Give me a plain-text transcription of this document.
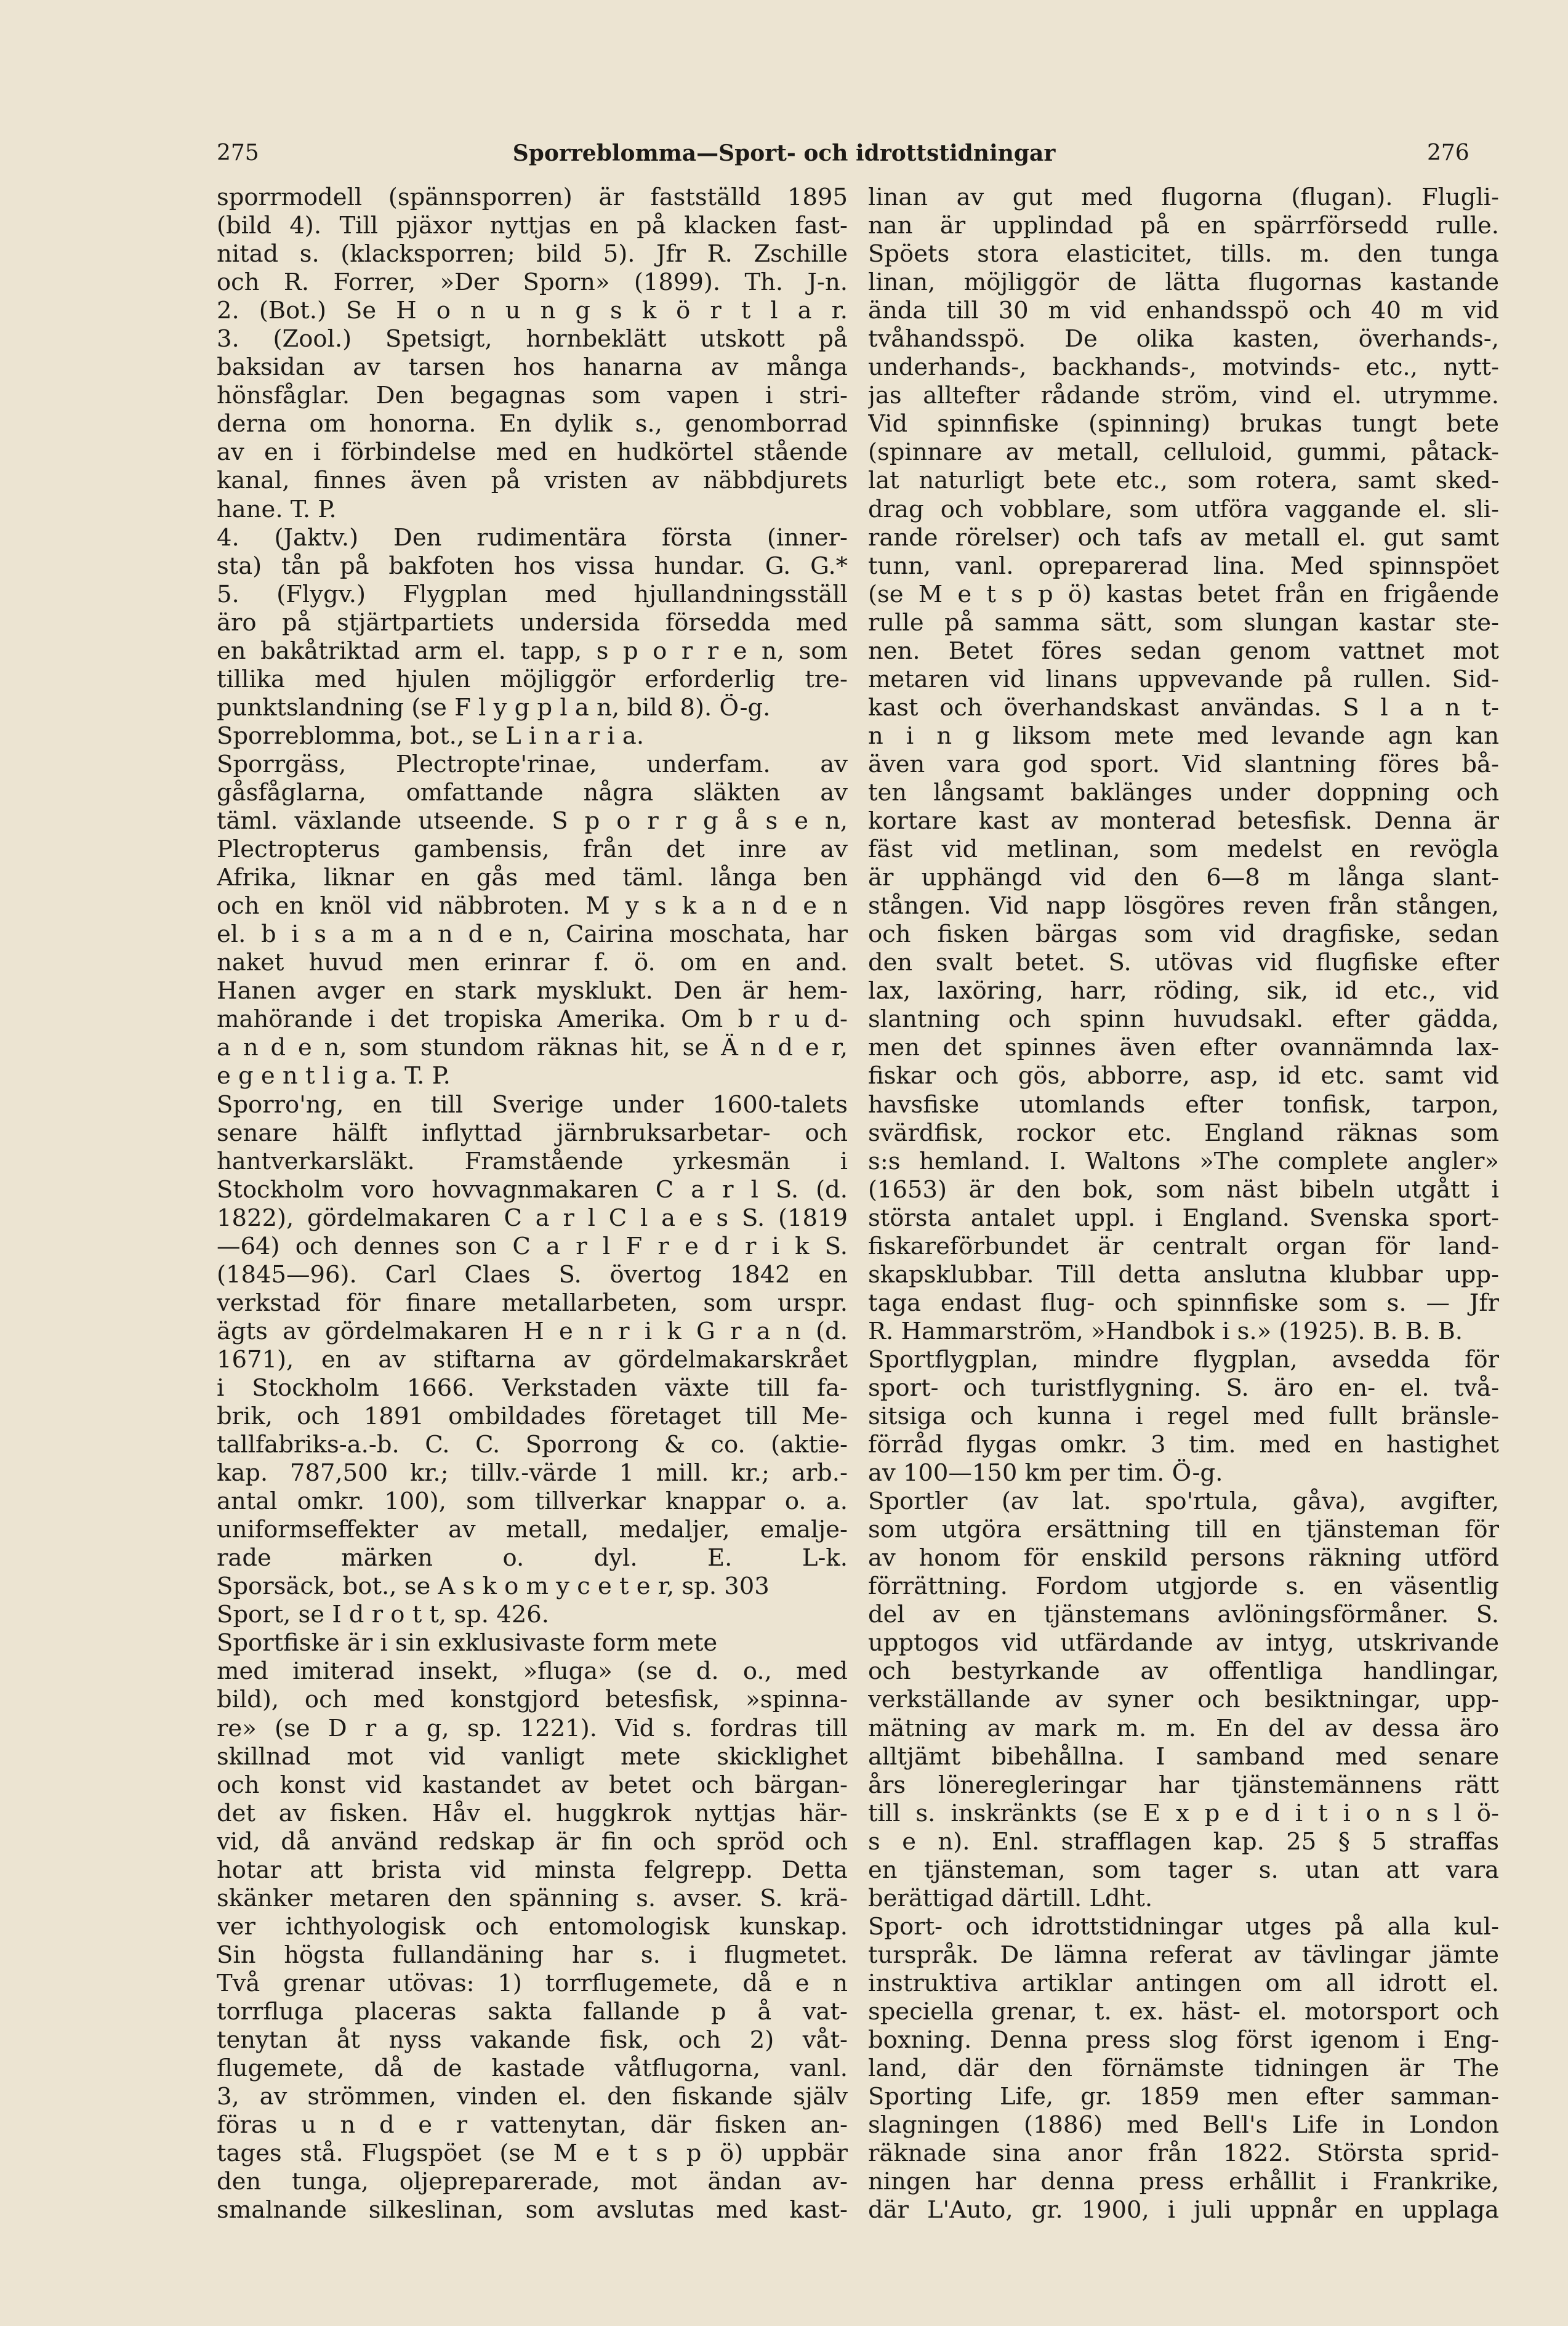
275	Sporreblomma—Sport- och idrottstidningar	276
sporrmodell (spännsporren) är fastställd 1895
(bild 4). Till pjäxor nyttjas en på klacken fast-
nitad s. (klacksporren; bild 5). Jfr R. Zschille
och R. Forrer, »Der Sporn» (1899). Th. J-n.
2. (Bot.) Se H o n u n g s k ö r t l a r.
3. (Zool.) Spetsigt, hornbeklätt utskott på
baksidan av tarsen hos hanarna av många
hönsfåglar. Den begagnas som vapen i stri-
derna om honorna. En dylik s., genomborrad
av en i förbindelse med en hudkörtel stående
kanal, finnes även på vristen av näbbdjurets
hane. T. P.
4. (Jaktv.) Den rudimentära första (inner-
sta) tån på bakfoten hos vissa hundar. G. G.*
5. (Flygv.) Flygplan med hjullandningsställ
äro på stjärtpartiets undersida försedda med
en bakåtriktad arm el. tapp, s p o r r e n, som
tillika med hjulen möjliggör erforderlig tre-
punktslandning (se F l y g p l a n, bild 8). Ö-g.
Sporreblomma, bot., se L i n a r i a.
Sporrgäss, Plectropte'rinae, underfam. av
gåsfåglarna, omfattande några släkten av
täml. växlande utseende. S p o r r g å s e n,
Plectropterus gambensis, från det inre av
Afrika, liknar en gås med täml. långa ben
och en knöl vid näbbroten. M y s k a n d e n
el. b i s a m a n d e n, Cairina moschata, har
naket huvud men erinrar f. ö. om en and.
Hanen avger en stark mysklukt. Den är hem-
mahörande i det tropiska Amerika. Om b r u d-
a n d e n, som stundom räknas hit, se Ä n d e r,
e g e n t l i g a. T. P.
Sporro'ng, en till Sverige under 1600-talets
senare hälft inflyttad järnbruksarbetar- och
hantverkarsläkt. Framstående yrkesmän i
Stockholm voro hovvagnmakaren C a r l S. (d.
1822), gördelmakaren C a r l C l a e s S. (1819
—64) och dennes son C a r l F r e d r i k S.
(1845—96). Carl Claes S. övertog 1842 en
verkstad för finare metallarbeten, som urspr.
ägts av gördelmakaren H e n r i k G r a n (d.
1671), en av stiftarna av gördelmakarskrået
i Stockholm 1666. Verkstaden växte till fa-
brik, och 1891 ombildades företaget till Me-
tallfabriks-a.-b. C. C. Sporrong & co. (aktie-
kap. 787,500 kr.; tillv.-värde 1 mill. kr.; arb.-
antal omkr. 100), som tillverkar knappar o. a.
uniformseffekter av metall, medaljer, emalje-
rade märken o. dyl. E. L-k.
Sporsäck, bot., se A s k o m y c e t e r, sp. 303
Sport, se I d r o t t, sp. 426.
Sportfiske är i sin exklusivaste form mete
med imiterad insekt, »fluga» (se d. o., med
bild), och med konstgjord betesfisk, »spinna-
re» (se D r a g, sp. 1221). Vid s. fordras till
skillnad mot vid vanligt mete skicklighet
och konst vid kastandet av betet och bärgan-
det av fisken. Håv el. huggkrok nyttjas här-
vid, då använd redskap är fin och spröd och
hotar att brista vid minsta felgrepp. Detta
skänker metaren den spänning s. avser. S. krä-
ver ichthyologisk och entomologisk kunskap.
Sin högsta fullandäning har s. i flugmetet.
Två grenar utövas: 1) torrflugemete, då e n
torrfluga placeras sakta fallande p å vat-
tenytan åt nyss vakande fisk, och 2) våt-
flugemete, då de kastade våtflugorna, vanl.
3, av strömmen, vinden el. den fiskande själv
föras u n d e r vattenytan, där fisken an-
tages stå. Flugspöet (se M e t s p ö) uppbär
den tunga, oljepreparerade, mot ändan av-
smalnande silkeslinan, som avslutas med kast-
linan av gut med flugorna (flugan). Flugli-
nan är upplindad på en spärrförsedd rulle.
Spöets stora elasticitet, tills. m. den tunga
linan, möjliggör de lätta flugornas kastande
ända till 30 m vid enhandsspö och 40 m vid
tvåhandsspö. De olika kasten, överhands-,
underhands-, backhands-, motvinds- etc., nytt-
jas alltefter rådande ström, vind el. utrymme.
Vid spinnfiske (spinning) brukas tungt bete
(spinnare av metall, celluloid, gummi, påtack-
lat naturligt bete etc., som rotera, samt sked-
drag och vobblare, som utföra vaggande el. sli-
rande rörelser) och tafs av metall el. gut samt
tunn, vanl. opreparerad lina. Med spinnspöet
(se M e t s p ö) kastas betet från en frigående
rulle på samma sätt, som slungan kastar ste-
nen. Betet föres sedan genom vattnet mot
metaren vid linans uppvevande på rullen. Sid-
kast och överhandskast användas. S l a n t-
n i n g liksom mete med levande agn kan
även vara god sport. Vid slantning föres bå-
ten långsamt baklänges under doppning och
kortare kast av monterad betesfisk. Denna är
fäst vid metlinan, som medelst en revögla
är upphängd vid den 6—8 m långa slant-
stången. Vid napp lösgöres reven från stången,
och fisken bärgas som vid dragfiske, sedan
den svalt betet. S. utövas vid flugfiske efter
lax, laxöring, harr, röding, sik, id etc., vid
slantning och spinn huvudsakl. efter gädda,
men det spinnes även efter ovannämnda lax-
fiskar och gös, abborre, asp, id etc. samt vid
havsfiske utomlands efter tonfisk, tarpon,
svärdfisk, rockor etc. England räknas som
s:s hemland. I. Waltons »The complete angler»
(1653) är den bok, som näst bibeln utgått i
största antalet uppl. i England. Svenska sport-
fiskareförbundet är centralt organ för land-
skapsklubbar. Till detta anslutna klubbar upp-
taga endast flug- och spinnfiske som s. — Jfr
R. Hammarström, »Handbok i s.» (1925). B. B. B.
Sportflygplan, mindre flygplan, avsedda för
sport- och turistflygning. S. äro en- el. två-
sitsiga och kunna i regel med fullt bränsle-
förråd flygas omkr. 3 tim. med en hastighet
av 100—150 km per tim. Ö-g.
Sportler (av lat. spo'rtula, gåva), avgifter,
som utgöra ersättning till en tjänsteman för
av honom för enskild persons räkning utförd
förrättning. Fordom utgjorde s. en väsentlig
del av en tjänstemans avlöningsförmåner. S.
upptogos vid utfärdande av intyg, utskrivande
och bestyrkande av offentliga handlingar,
verkställande av syner och besiktningar, upp-
mätning av mark m. m. En del av dessa äro
alltjämt bibehållna. I samband med senare
års löneregleringar har tjänstemännens rätt
till s. inskränkts (se E x p e d i t i o n s l ö-
s e n). Enl. strafflagen kap. 25 § 5 straffas
en tjänsteman, som tager s. utan att vara
berättigad därtill. Ldht.
Sport- och idrottstidningar utges på alla kul-
turspråk. De lämna referat av tävlingar jämte
instruktiva artiklar antingen om all idrott el.
speciella grenar, t. ex. häst- el. motorsport och
boxning. Denna press slog först igenom i Eng-
land, där den förnämste tidningen är The
Sporting Life, gr. 1859 men efter samman-
slagningen (1886) med Bell's Life in London
räknade sina anor från 1822. Största sprid-
ningen har denna press erhållit i Frankrike,
där L'Auto, gr. 1900, i juli uppnår en upplaga
